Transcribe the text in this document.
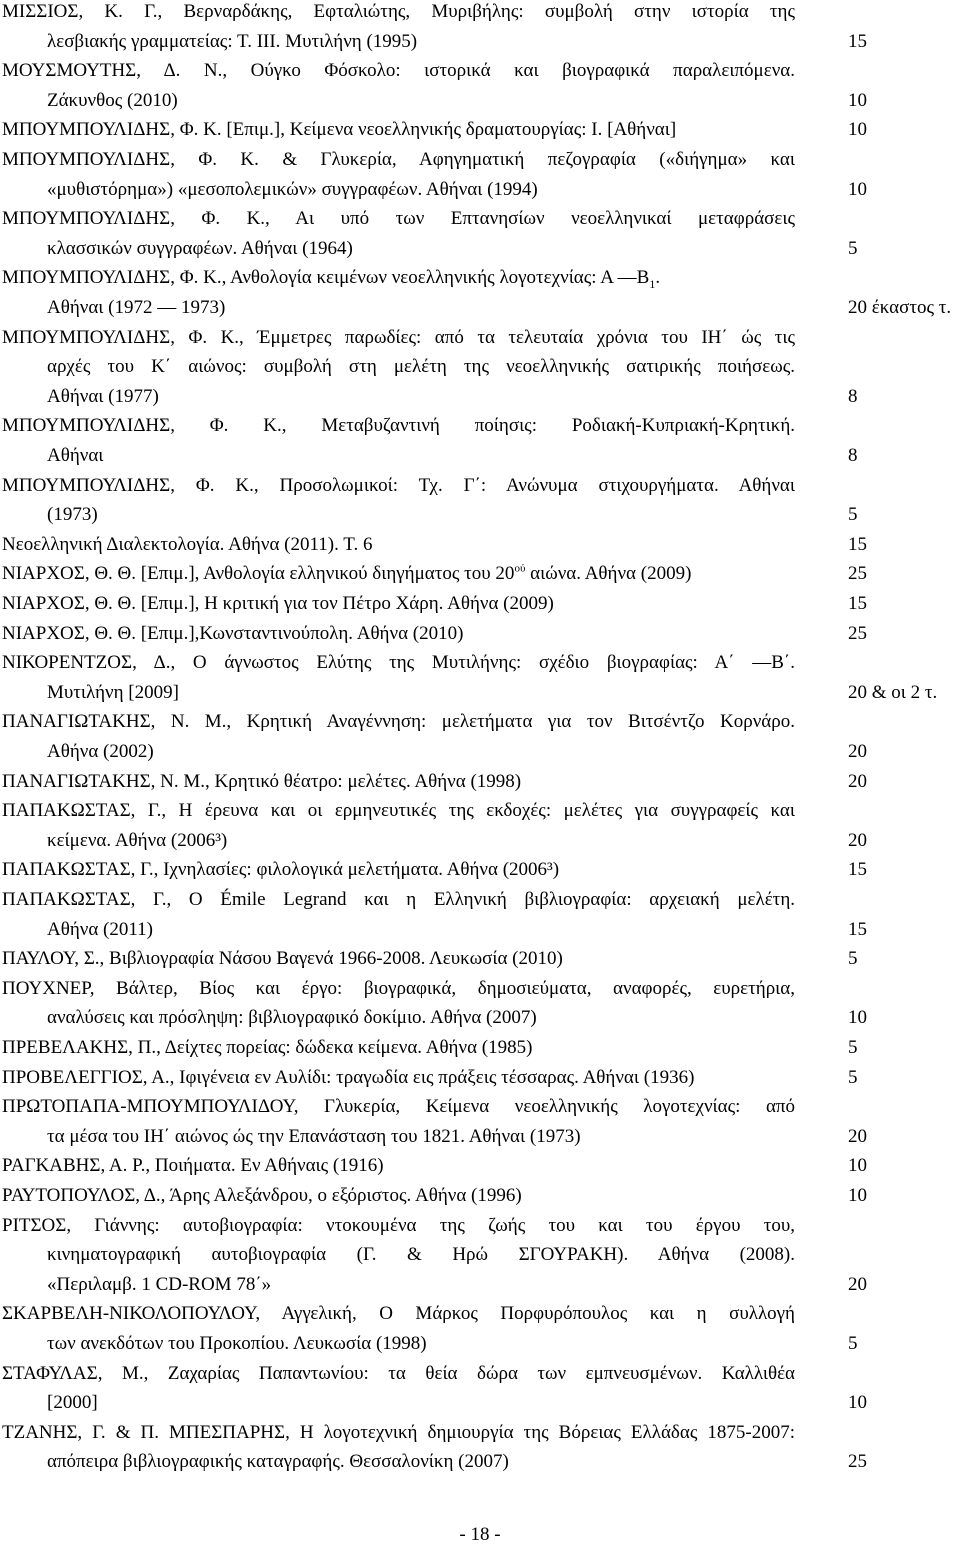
ΜΙΣΣΙΟΣ, Κ. Γ., Βερναρδάκης, Εφταλιώτης, Μυριβήλης: συμβολή στην ιστορία της
λεσβιακής γραμματείας: Τ. ΙΙΙ. Μυτιλήνη (1995)	15
ΜΟΥΣΜΟΥΤΗΣ, Δ. Ν., Ούγκο Φόσκολο: ιστορικά και βιογραφικά παραλειπόμενα.
Ζάκυνθος (2010)	10
ΜΠΟΥΜΠΟΥΛΙΔΗΣ, Φ. Κ. [Επιμ.], Κείμενα νεοελληνικής δραματουργίας: Ι. [Αθήναι]	10
ΜΠΟΥΜΠΟΥΛΙΔΗΣ, Φ. Κ. & Γλυκερία, Αφηγηματική πεζογραφία («διήγημα» και
«μυθιστόρημα») «μεσοπολεμικών» συγγραφέων. Αθήναι (1994)	10
ΜΠΟΥΜΠΟΥΛΙΔΗΣ, Φ. Κ., Αι υπό των Επτανησίων νεοελληνικαί μεταφράσεις
κλασσικών συγγραφέων. Αθήναι (1964)	5
ΜΠΟΥΜΠΟΥΛΙΔΗΣ, Φ. Κ., Ανθολογία κειμένων νεοελληνικής λογοτεχνίας: Α $—B_1$.
Αθήναι (1972 — 1973)	20 έκαστος τ.
ΜΠΟΥΜΠΟΥΛΙΔΗΣ, Φ. Κ., Έμμετρες παρωδίες: από τα τελευταία χρόνια του ΙΗ΄ ώς τις
αρχές του Κ΄ αιώνος: συμβολή στη μελέτη της νεοελληνικής σατιρικής ποιήσεως.
Αθήναι (1977)	8
ΜΠΟΥΜΠΟΥΛΙΔΗΣ, Φ. Κ., Μεταβυζαντινή ποίησις: Ροδιακή-Κυπριακή-Κρητική.
Αθήναι	8
ΜΠΟΥΜΠΟΥΛΙΔΗΣ, Φ. Κ., Προσολωμικοί: Τχ. Γ΄: Ανώνυμα στιχουργήματα. Αθήναι
(1973)	5
Νεοελληνική Διαλεκτολογία. Αθήνα (2011). Τ. 6	15
ΝΙΑΡΧΟΣ, Θ. Θ. [Επιμ.], Ανθολογία ελληνικού διηγήματος του $20^{oύ}$ αιώνα. Αθήνα (2009)	25
ΝΙΑΡΧΟΣ, Θ. Θ. [Επιμ.], Η κριτική για τον Πέτρο Χάρη. Αθήνα (2009)	15
ΝΙΑΡΧΟΣ, Θ. Θ. [Επιμ.],Κωνσταντινούπολη. Αθήνα (2010)	25
ΝΙΚΟΡΕΝΤΖΟΣ, Δ., Ο άγνωστος Ελύτης της Μυτιλήνης: σχέδιο βιογραφίας: Α΄ —Β΄.
Μυτιλήνη [2009]	20 & οι 2 τ.
ΠΑΝΑΓΙΩΤΑΚΗΣ, Ν. Μ., Κρητική Αναγέννηση: μελετήματα για τον Βιτσέντζο Κορνάρο.
Αθήνα (2002)	20
ΠΑΝΑΓΙΩΤΑΚΗΣ, Ν. Μ., Κρητικό θέατρο: μελέτες. Αθήνα (1998)	20
ΠΑΠΑΚΩΣΤΑΣ, Γ., Η έρευνα και οι ερμηνευτικές της εκδοχές: μελέτες για συγγραφείς και
κείμενα. Αθήνα (2006³)	20
ΠΑΠΑΚΩΣΤΑΣ, Γ., Ιχνηλασίες: φιλολογικά μελετήματα. Αθήνα (2006³)	15
ΠΑΠΑΚΩΣΤΑΣ, Γ., Ο Émile Legrand και η Ελληνική βιβλιογραφία: αρχειακή μελέτη.
Αθήνα (2011)	15
ΠΑΥΛΟΥ, Σ., Βιβλιογραφία Νάσου Βαγενά 1966-2008. Λευκωσία (2010)	5
ΠΟΥΧΝΕΡ, Βάλτερ, Βίος και έργο: βιογραφικά, δημοσιεύματα, αναφορές, ευρετήρια,
αναλύσεις και πρόσληψη: βιβλιογραφικό δοκίμιο. Αθήνα (2007)	10
ΠΡΕΒΕΛΑΚΗΣ, Π., Δείχτες πορείας: δώδεκα κείμενα. Αθήνα (1985)	5
ΠΡΟΒΕΛΕΓΓΙΟΣ, Α., Ιφιγένεια εν Αυλίδι: τραγωδία εις πράξεις τέσσαρας. Αθήναι (1936)	5
ΠΡΩΤΟΠΑΠΑ-ΜΠΟΥΜΠΟΥΛΙΔΟΥ, Γλυκερία, Κείμενα νεοελληνικής λογοτεχνίας: από
τα μέσα του ΙΗ΄ αιώνος ώς την Επανάσταση του 1821. Αθήναι (1973)	20
ΡΑΓΚΑΒΗΣ, Α. Ρ., Ποιήματα. Εν Αθήναις (1916)	10
ΡΑΥΤΟΠΟΥΛΟΣ, Δ., Άρης Αλεξάνδρου, ο εξόριστος. Αθήνα (1996)	10
ΡΙΤΣΟΣ, Γιάννης: αυτοβιογραφία: ντοκουμένα της ζωής του και του έργου του,
κινηματογραφική αυτοβιογραφία (Γ. & Ηρώ ΣΓΟΥΡΑΚΗ). Αθήνα (2008).
«Περιλαμβ. 1 CD-ROM 78΄»	20
ΣΚΑΡΒΕΛΗ-ΝΙΚΟΛΟΠΟΥΛΟΥ, Αγγελική, Ο Μάρκος Πορφυρόπουλος και η συλλογή
των ανεκδότων του Προκοπίου. Λευκωσία (1998)	5
ΣΤΑΦΥΛΑΣ, Μ., Ζαχαρίας Παπαντωνίου: τα θεία δώρα των εμπνευσμένων. Καλλιθέα
[2000]	10
ΤΖΑΝΗΣ, Γ. & Π. ΜΠΕΣΠΑΡΗΣ, Η λογοτεχνική δημιουργία της Βόρειας Ελλάδας 1875-2007:
απόπειρα βιβλιογραφικής καταγραφής. Θεσσαλονίκη (2007)	25
- 18 -
